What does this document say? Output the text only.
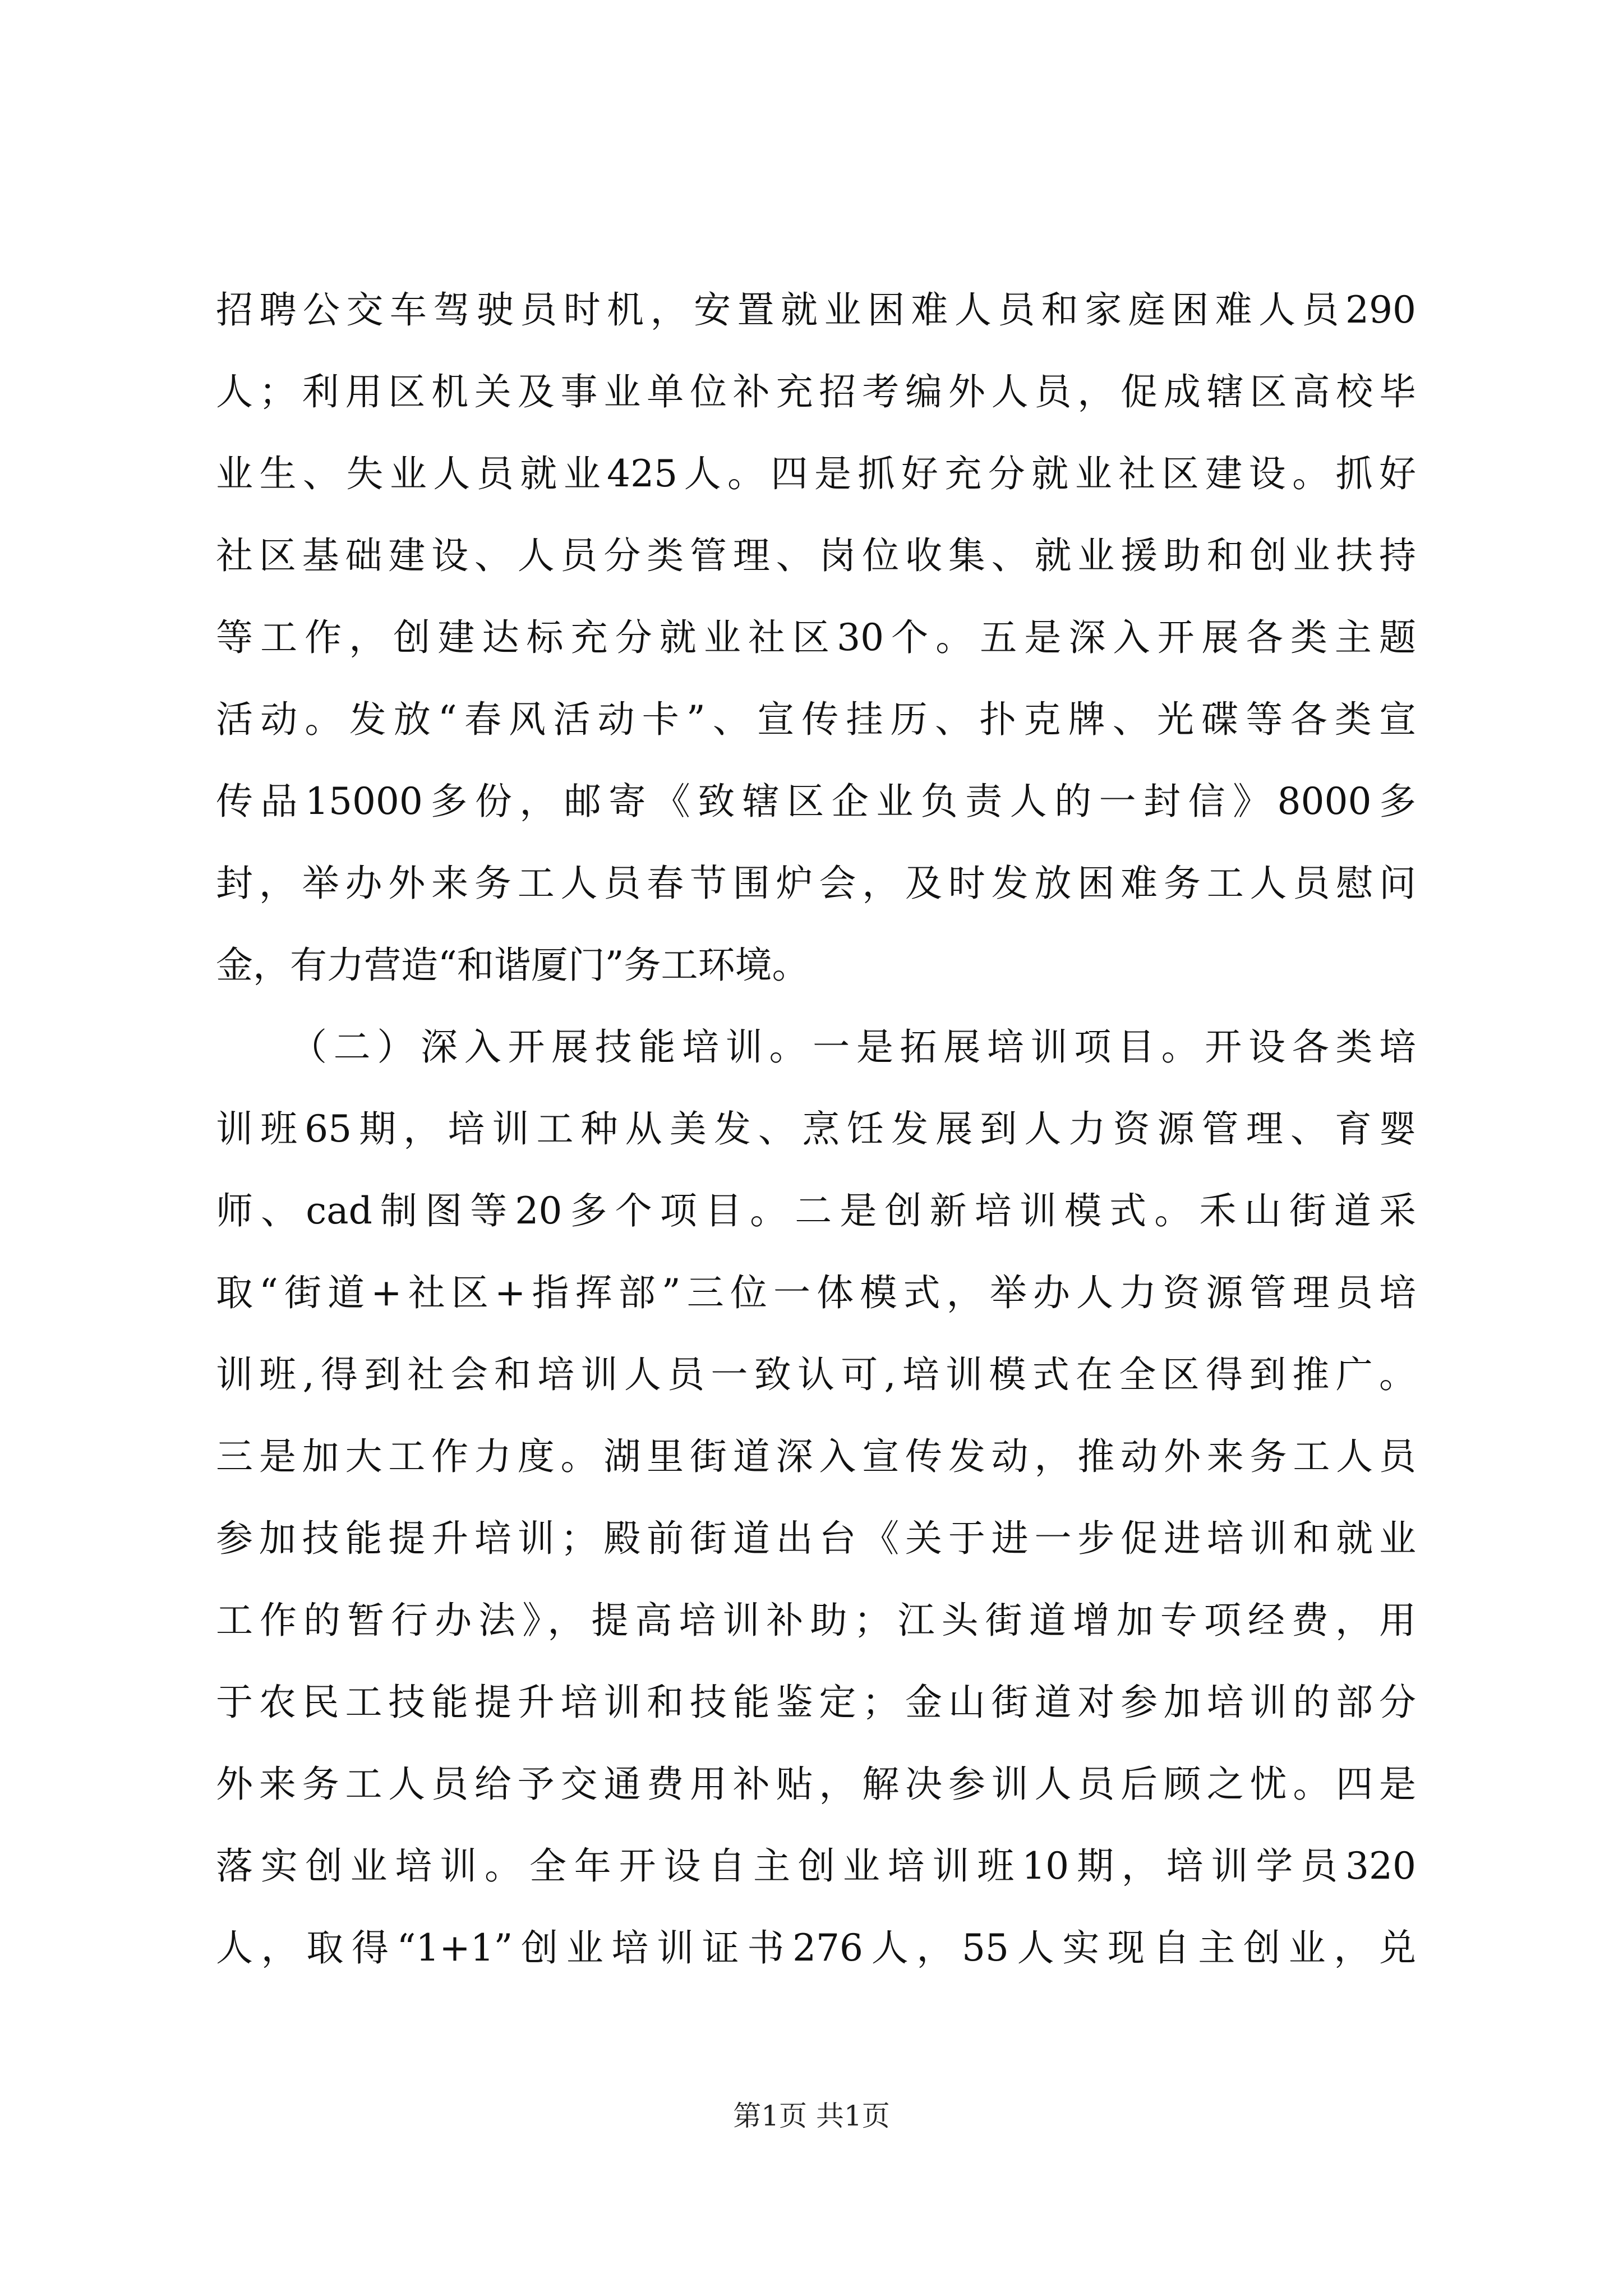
招聘公交车驾驶员时机，安置就业困难人员和家庭困难人员290
人；利用区机关及事业单位补充招考编外人员，促成辖区高校毕
业生、失业人员就业425人。四是抓好充分就业社区建设。抓好
社区基础建设、人员分类管理、岗位收集、就业援助和创业扶持
等工作，创建达标充分就业社区30个。五是深入开展各类主题
活动。发放“春风活动卡”、宣传挂历、扑克牌、光碟等各类宣
传品15000多份，邮寄《致辖区企业负责人的一封信》8000多
封，举办外来务工人员春节围炉会，及时发放困难务工人员慰问
金，有力营造“和谐厦门”务工环境。
（二）深入开展技能培训。一是拓展培训项目。开设各类培
训班65期，培训工种从美发、烹饪发展到人力资源管理、育婴
师、cad制图等20多个项目。二是创新培训模式。禾山街道采
取“街道+社区+指挥部”三位一体模式，举办人力资源管理员培
训班,得到社会和培训人员一致认可,培训模式在全区得到推广。
三是加大工作力度。湖里街道深入宣传发动，推动外来务工人员
参加技能提升培训；殿前街道出台《关于进一步促进培训和就业
工作的暂行办法》，提高培训补助；江头街道增加专项经费，用
于农民工技能提升培训和技能鉴定；金山街道对参加培训的部分
外来务工人员给予交通费用补贴，解决参训人员后顾之忧。四是
落实创业培训。全年开设自主创业培训班10期，培训学员320
人，取得“1+1”创业培训证书276人，55人实现自主创业，兑
第1页 共1页
